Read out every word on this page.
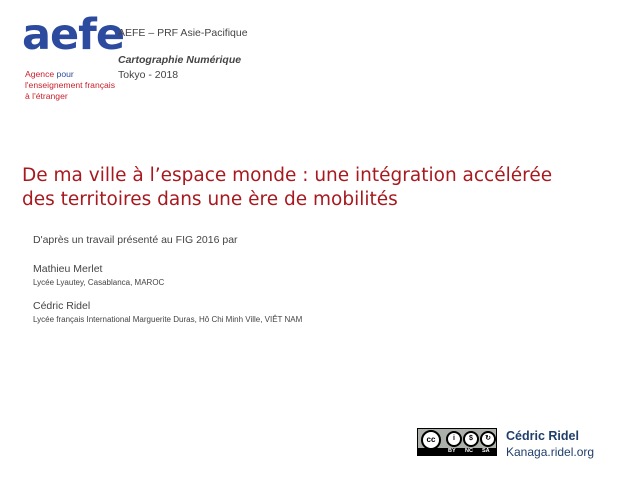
aefe
Agence pour
l'enseignement français
à l'étranger
AEFE – PRF Asie-Pacifique
Cartographie Numérique
Tokyo - 2018
De ma ville à l’espace monde : une intégration accélérée
des territoires dans une ère de mobilités
D'après un travail présenté au FIG 2016 par
Mathieu Merlet
Lycée Lyautey, Casablanca, MAROC
Cédric Ridel
Lycée français International Marguerite Duras, Hô Chi Minh Ville, VIÊT NAM
cc	i	$	↻
BY NC SA
Cédric Ridel
Kanaga.ridel.org
